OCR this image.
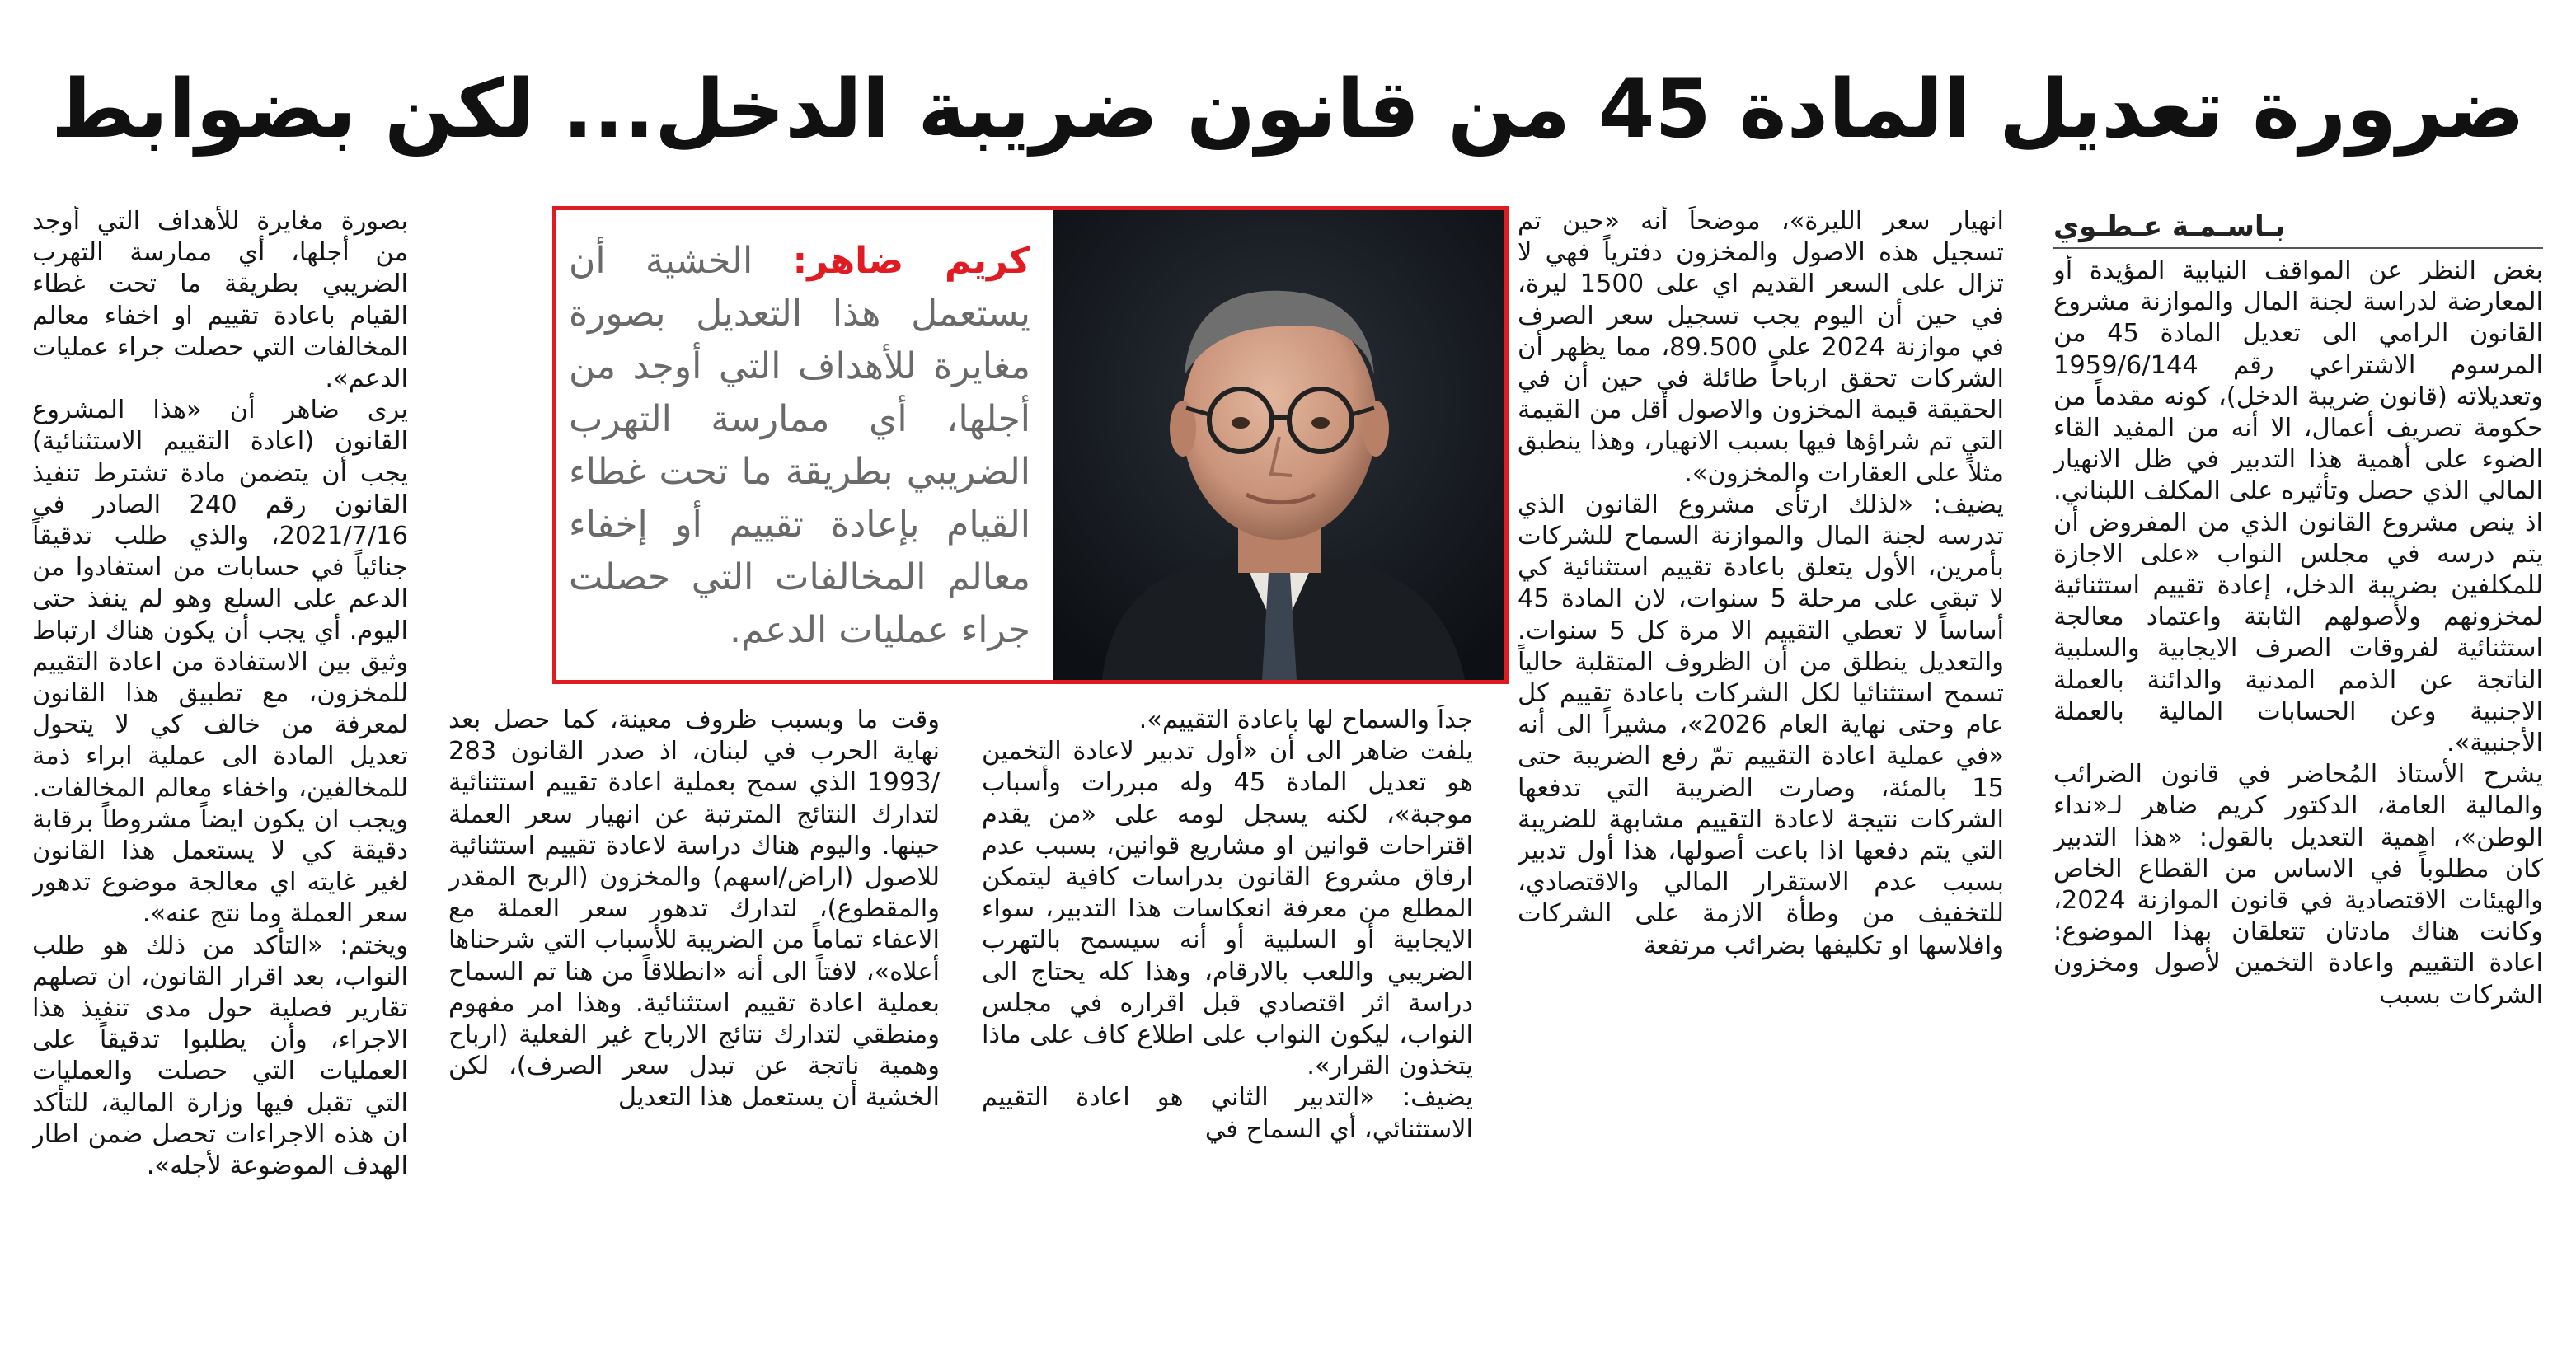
ضرورة تعديل المادة 45 من قانون ضريبة الدخل... لكن بضوابط
بـاسـمـة عـطـوي

بغض النظر عن المواقف النيابية المؤيدة أو المعارضة لدراسة لجنة المال والموازنة مشروع القانون الرامي الى تعديل المادة 45 من المرسوم الاشتراعي رقم 1959/6/144 وتعديلاته (قانون ضريبة الدخل)، كونه مقدماً من حكومة تصريف أعمال، الا أنه من المفيد القاء الضوء على أهمية هذا التدبير في ظل الانهيار المالي الذي حصل وتأثيره على المكلف اللبناني. اذ ينص مشروع القانون الذي من المفروض أن يتم درسه في مجلس النواب «على الاجازة للمكلفين بضريبة الدخل، إعادة تقييم استثنائية لمخزونهم ولأصولهم الثابتة واعتماد معالجة استثنائية لفروقات الصرف الايجابية والسلبية الناتجة عن الذمم المدنية والدائنة بالعملة الاجنبية وعن الحسابات المالية بالعملة الأجنبية».

يشرح الأستاذ المُحاضر في قانون الضرائب والمالية العامة، الدكتور كريم ضاهر لـ«نداء الوطن»، اهمية التعديل بالقول: «هذا التدبير كان مطلوباً في الاساس من القطاع الخاص والهيئات الاقتصادية في قانون الموازنة 2024، وكانت هناك مادتان تتعلقان بهذا الموضوع: اعادة التقييم واعادة التخمين لأصول ومخزون الشركات بسبب

انهيار سعر الليرة»، موضحاً أنه «حين تم تسجيل هذه الاصول والمخزون دفترياً فهي لا تزال على السعر القديم اي على 1500 ليرة، في حين أن اليوم يجب تسجيل سعر الصرف في موازنة 2024 على 89.500، مما يظهر أن الشركات تحقق ارباحاً طائلة في حين أن في الحقيقة قيمة المخزون والاصول أقل من القيمة التي تم شراؤها فيها بسبب الانهيار، وهذا ينطبق مثلاً على العقارات والمخزون».

يضيف: «لذلك ارتأى مشروع القانون الذي تدرسه لجنة المال والموازنة السماح للشركات بأمرين، الأول يتعلق باعادة تقييم استثنائية كي لا تبقى على مرحلة 5 سنوات، لان المادة 45 أساساً لا تعطي التقييم الا مرة كل 5 سنوات. والتعديل ينطلق من أن الظروف المتقلبة حالياً تسمح استثنائيا لكل الشركات باعادة تقييم كل عام وحتى نهاية العام 2026»، مشيراً الى أنه «في عملية اعادة التقييم تمّ رفع الضريبة حتى 15 بالمئة، وصارت الضريبة التي تدفعها الشركات نتيجة لاعادة التقييم مشابهة للضريبة التي يتم دفعها اذا باعت أصولها، هذا أول تدبير بسبب عدم الاستقرار المالي والاقتصادي، للتخفيف من وطأة الازمة على الشركات وافلاسها او تكليفها بضرائب مرتفعة

كريم ضاهر: الخشية أن يستعمل هذا التعديل بصورة مغايرة للأهداف التي أوجد من أجلها، أي ممارسة التهرب الضريبي بطريقة ما تحت غطاء القيام بإعادة تقييم أو إخفاء معالم المخالفات التي حصلت جراء عمليات الدعم.

جداً والسماح لها باعادة التقييم».

يلفت ضاهر الى أن «أول تدبير لاعادة التخمين هو تعديل المادة 45 وله مبررات وأسباب موجبة»، لكنه يسجل لومه على «من يقدم اقتراحات قوانين او مشاريع قوانين، بسبب عدم ارفاق مشروع القانون بدراسات كافية ليتمكن المطلع من معرفة انعكاسات هذا التدبير، سواء الايجابية أو السلبية أو أنه سيسمح بالتهرب الضريبي واللعب بالارقام، وهذا كله يحتاج الى دراسة اثر اقتصادي قبل اقراره في مجلس النواب، ليكون النواب على اطلاع كاف على ماذا يتخذون القرار».

يضيف: «التدبير الثاني هو اعادة التقييم الاستثنائي، أي السماح في

وقت ما وبسبب ظروف معينة، كما حصل بعد نهاية الحرب في لبنان، اذ صدر القانون 283 /1993 الذي سمح بعملية اعادة تقييم استثنائية لتدارك النتائج المترتبة عن انهيار سعر العملة حينها. واليوم هناك دراسة لاعادة تقييم استثنائية للاصول (اراض/اسهم) والمخزون (الربح المقدر والمقطوع)، لتدارك تدهور سعر العملة مع الاعفاء تماماً من الضريبة للأسباب التي شرحناها أعلاه»، لافتاً الى أنه «انطلاقاً من هنا تم السماح بعملية اعادة تقييم استثنائية. وهذا امر مفهوم ومنطقي لتدارك نتائج الارباح غير الفعلية (ارباح وهمية ناتجة عن تبدل سعر الصرف)، لكن الخشية أن يستعمل هذا التعديل

بصورة مغايرة للأهداف التي أوجد من أجلها، أي ممارسة التهرب الضريبي بطريقة ما تحت غطاء القيام باعادة تقييم او اخفاء معالم المخالفات التي حصلت جراء عمليات الدعم».

يرى ضاهر أن «هذا المشروع القانون (اعادة التقييم الاستثنائية) يجب أن يتضمن مادة تشترط تنفيذ القانون رقم 240 الصادر في 2021/7/16، والذي طلب تدقيقاً جنائياً في حسابات من استفادوا من الدعم على السلع وهو لم ينفذ حتى اليوم. أي يجب أن يكون هناك ارتباط وثيق بين الاستفادة من اعادة التقييم للمخزون، مع تطبيق هذا القانون لمعرفة من خالف كي لا يتحول تعديل المادة الى عملية ابراء ذمة للمخالفين، واخفاء معالم المخالفات. ويجب ان يكون ايضاً مشروطاً برقابة دقيقة كي لا يستعمل هذا القانون لغير غايته اي معالجة موضوع تدهور سعر العملة وما نتج عنه».

ويختم: «التأكد من ذلك هو طلب النواب، بعد اقرار القانون، ان تصلهم تقارير فصلية حول مدى تنفيذ هذا الاجراء، وأن يطلبوا تدقيقاً على العمليات التي حصلت والعمليات التي تقبل فيها وزارة المالية، للتأكد ان هذه الاجراءات تحصل ضمن اطار الهدف الموضوعة لأجله».
